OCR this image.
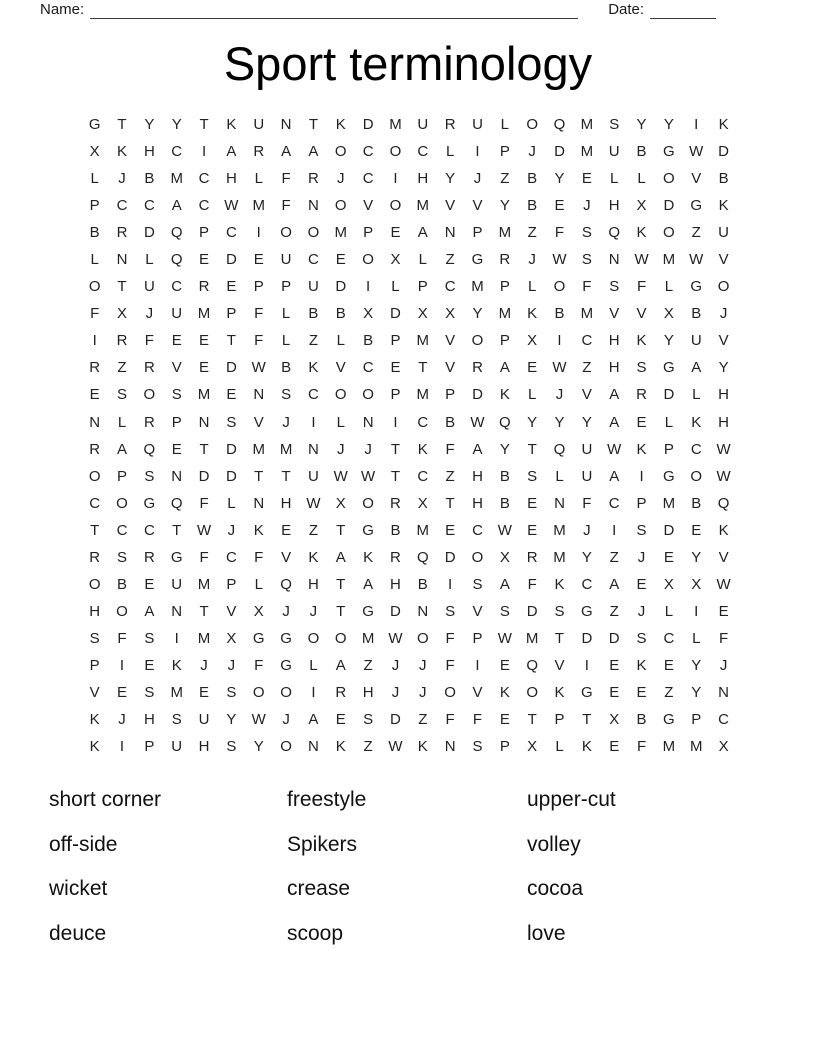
Name:	Date:
Sport terminology
G	T	Y	Y	T	K	U	N	T	K	D	M	U	R	U	L	O	Q	M	S	Y	Y	I	K
X	K	H	C	I	A	R	A	A	O	C	O	C	L	I	P	J	D	M	U	B	G W D
L	J	B	M	C	H	L	F	R	J	C	I	H	Y	J	Z	B	Y	E	L	L	O	V	B
P	C	C	A	C W M	F	N	O	V	O	M	V	V	Y	B	E	J	H	X	D	G	K
B	R	D	Q	P	C	I	O	O	M	P	E	A	N	P	M	Z	F	S	Q	K	O	Z	U
L	N	L	Q	E	D	E	U	C	E	O	X	L	Z	G	R	J	W	S	N W M W	V
O	T	U	C	R	E	P	P	U	D	I	L	P	C	M	P	L	O	F	S	F	L	G	O
F	X	J	U	M	P	F	L	B	B	X	D	X	X	Y	M	K	B	M	V	V	X	B	J
I	R	F	E	E	T	F	L	Z	L	B	P	M	V	O	P	X	I	C	H	K	Y	U	V
R	Z	R	V	E	D W	B	K	V	C	E	T	V	R	A	E	W	Z	H	S	G	A	Y
E	S	O	S	M	E	N	S	C	O	O	P	M	P	D	K	L	J	V	A	R	D	L	H
N	L	R	P	N	S	V	J	I	L	N	I	C	B	W Q	Y	Y	Y	A	E	L	K	H
R	A	Q	E	T	D	M M	N	J	J	T	K	F	A	Y	T	Q	U W	K	P	C W
O	P	S	N	D	D	T	T	U W W	T	C	Z	H	B	S	L	U	A	I	G	O W
C	O	G	Q	F	L	N	H W	X	O	R	X	T	H	B	E	N	F	C	P	M	B	Q
T	C	C	T	W	J	K	E	Z	T	G	B	M	E	C W	E	M	J	I	S	D	E	K
R	S	R	G	F	C	F	V	K	A	K	R	Q	D	O	X	R	M	Y	Z	J	E	Y	V
O	B	E	U	M	P	L	Q	H	T	A	H	B	I	S	A	F	K	C	A	E	X	X	W
H	O	A	N	T	V	X	J	J	T	G	D	N	S	V	S	D	S	G	Z	J	L	I	E
S	F	S	I	M	X	G	G	O	O	M W O	F	P	W M	T	D	D	S	C	L	F
P	I	E	K	J	J	F	G	L	A	Z	J	J	F	I	E	Q	V	I	E	K	E	Y	J
V	E	S	M	E	S	O	O	I	R	H	J	J	O	V	K	O	K	G	E	E	Z	Y	N
K	J	H	S	U	Y	W	J	A	E	S	D	Z	F	F	E	T	P	T	X	B	G	P	C
K	I	P	U	H	S	Y	O	N	K	Z	W	K	N	S	P	X	L	K	E	F	M M	X
short corner
off-side
wicket
deuce
freestyle
Spikers
crease
scoop
upper-cut
volley
cocoa
love
